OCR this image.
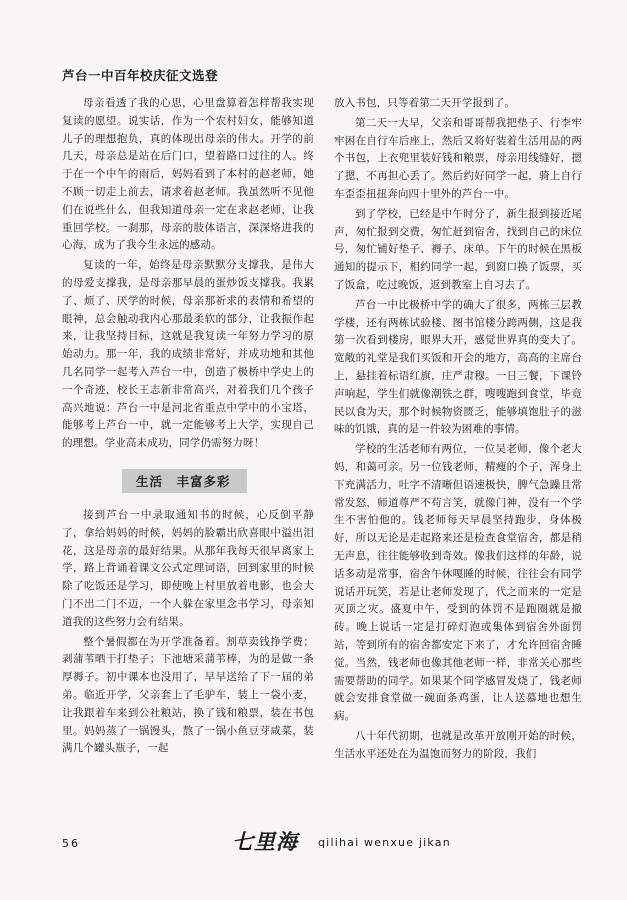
芦台一中百年校庆征文选登

母亲看透了我的心思，心里盘算着怎样帮我实现复读的愿望。说实话，作为一个农村妇女，能够知道儿子的理想抱负，真的体现出母亲的伟大。开学的前几天，母亲总是站在后门口，望着路口过往的人。终于在一个中午的雨后，妈妈看到了本村的赵老师，她不顾一切走上前去，请求着赵老师。我虽然听不见他们在说些什么，但我知道母亲一定在求赵老师，让我重回学校。一刹那，母亲的肢体语言，深深烙进我的心海，成为了我今生永远的感动。

复读的一年，始终是母亲默默分支撑我，是伟大的母爱支撑我，是母亲那早晨的蛋炒饭支撑我。我累了、烦了、厌学的时候，母亲那祈求的表情和希望的眼神，总会触动我内心那最柔软的部分，让我振作起来，让我坚持目标，这就是我复读一年努力学习的原始动力。那一年，我的成绩非常好，并成功地和其他几名同学一起考入芦台一中，创造了极桥中学史上的一个奇迹，校长王志新非常高兴，对着我们几个孩子高兴地说：芦台一中是河北省重点中学中的小宝塔，能够考上芦台一中，就一定能够考上大学，实现自己的理想。学业高未成功，同学仍需努力呀！

生活　丰富多彩

接到芦台一中录取通知书的时候，心反倒平静了，拿给妈妈的时候，妈妈的脸霸出欣喜眼中溢出泪花，这是母亲的最好结果。从那年我每天很早离家上学，路上背诵着课文公式定理词语，回到家里的时候除了吃饭还是学习，即使晚上村里放着电影，也会大门不出二门不迈，一个人躲在家里念书学习，母亲知道我的这些努力会有结果。

整个暑假都在为开学准备着。割草卖钱挣学费；剥蒲苇晒干打垫子；下池塘采蒲苇棒，为的是做一条厚褥子。初中课本也没用了，早早送给了下一届的弟弟。临近开学，父亲套上了毛驴车，装上一袋小麦，让我跟着车来到公社粮站，换了钱和粮票，装在书包里。妈妈蒸了一锅馒头，熬了一锅小鱼豆芽咸菜，装满几个罐头瓶子，一起

放入书包，只等着第二天开学报到了。

第二天一大早，父亲和哥哥帮我把垫子、行李牢牢困在自行车后座上，然后又将好装着生活用品的两个书包，上衣兜里装好钱和粮票，母亲用线缝好，摁了摁，不再担心丢了。然后约好同学一起，骑上自行车歪歪扭扭奔向四十里外的芦台一中。

到了学校，已经是中午时分了，新生报到接近尾声，匆忙报到交费，匆忙赶到宿舍，找到自己的床位号，匆忙铺好垫子、褥子、床单。下午的时候在黑板通知的提示下，相约同学一起，到窗口换了饭票，买了饭盒，吃过晚饭，返到教室上自习去了。

芦台一中比极桥中学的确大了很多，两栋三层教学楼，还有两栋试验楼、图书馆楼分跨两侧，这是我第一次看到楼房，眼界大开，感觉世界真的变大了。宽敞的礼堂是我们买饭和开会的地方，高高的主席台上，悬挂着标语红旗，庄严肃穆。一日三餐，下课铃声响起，学生们就像潮铁之群，嗖嗖跑到食堂，毕竟民以食为天，那个时候物资匮乏，能够填饱肚子的滋味的饥饿，真的是一件较为困难的事情。

学校的生活老师有两位，一位吴老师，像个老大妈，和蔼可亲。另一位钱老师，精瘦的个子，浑身上下充满活力，吐字不清晰但语速极快，脾气急躁且常常发怒，师道尊严不苟言笑，就像门神，没有一个学生不害怕他的。钱老师每天早晨坚持跑步，身体极好，所以无论是走起路来还是检查食堂宿舍，都是稍无声息，往往能够收到奇效。像我们这样的年龄，说话多动是常事，宿舍午休嘎睡的时候，往往会有同学说话开玩笑，若是让老师发现了，代之而来的一定是灭顶之灾。盛夏中午，受到的体罚不是跑圈就是撤砖。晚上说话一定是打碎灯泡或集体到宿舍外面罚站，等到所有的宿舍都安定下来了，才允许回宿舍睡觉。当然，钱老师也像其他老师一样，非常关心那些需要帮助的同学。如果某个同学感冒发烧了，钱老师就会安排食堂做一碗面条鸡蛋，让人送慕地也想生病。

八十年代初期，也就是改革开放刚开始的时候，生活水平还处在为温饱而努力的阶段，我们

56	七里海 qilihai wenxue jikan
